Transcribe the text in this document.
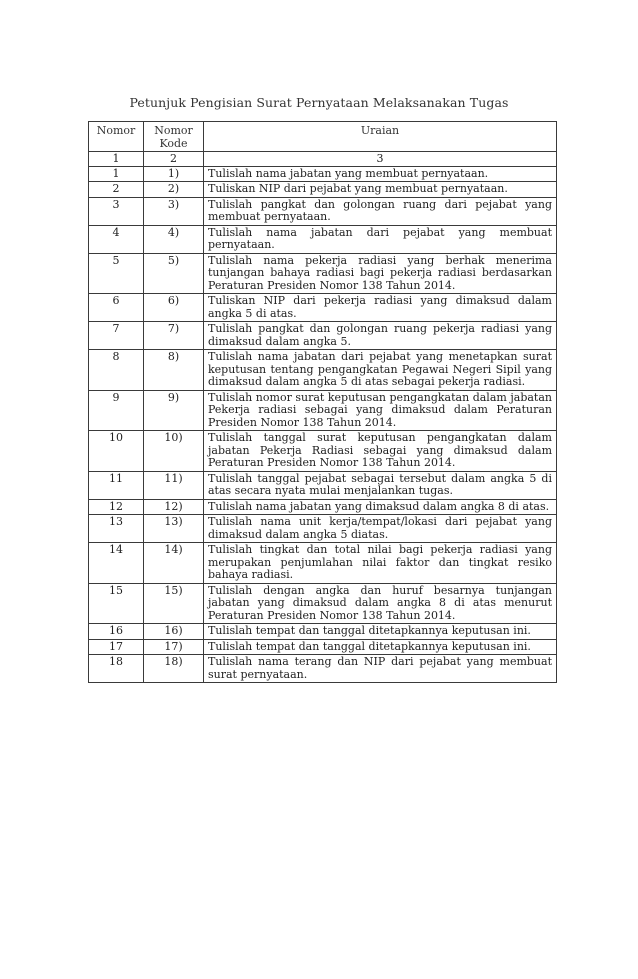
Petunjuk Pengisian Surat Pernyataan Melaksanakan Tugas
Nomor	Nomor Kode	Uraian
1	2	3
1	1)	Tulislah nama jabatan yang membuat pernyataan.
2	2)	Tuliskan NIP dari pejabat yang membuat pernyataan.
3	3)	Tulislah pangkat dan golongan ruang dari pejabat yang membuat pernyataan.
4	4)	Tulislah nama jabatan dari pejabat yang membuat pernyataan.
5	5)	Tulislah nama pekerja radiasi yang berhak menerima tunjangan bahaya radiasi bagi pekerja radiasi berdasarkan Peraturan Presiden Nomor 138 Tahun 2014.
6	6)	Tuliskan NIP dari pekerja radiasi yang dimaksud dalam angka 5 di atas.
7	7)	Tulislah pangkat dan golongan ruang pekerja radiasi yang dimaksud dalam angka 5.
8	8)	Tulislah nama jabatan dari pejabat yang menetapkan surat keputusan tentang pengangkatan Pegawai Negeri Sipil yang dimaksud dalam angka 5 di atas sebagai pekerja radiasi.
9	9)	Tulislah nomor surat keputusan pengangkatan dalam jabatan Pekerja radiasi sebagai yang dimaksud dalam Peraturan Presiden Nomor 138 Tahun 2014.
10	10)	Tulislah tanggal surat keputusan pengangkatan dalam jabatan Pekerja Radiasi sebagai yang dimaksud dalam Peraturan Presiden Nomor 138 Tahun 2014.
11	11)	Tulislah tanggal pejabat sebagai tersebut dalam angka 5 di atas secara nyata mulai menjalankan tugas.
12	12)	Tulislah nama jabatan yang dimaksud dalam angka 8 di atas.
13	13)	Tulislah nama unit kerja/tempat/lokasi dari pejabat yang dimaksud dalam angka 5 diatas.
14	14)	Tulislah tingkat dan total nilai bagi pekerja radiasi yang merupakan penjumlahan nilai faktor dan tingkat resiko bahaya radiasi.
15	15)	Tulislah dengan angka dan huruf besarnya tunjangan jabatan yang dimaksud dalam angka 8 di atas menurut Peraturan Presiden Nomor 138 Tahun 2014.
16	16)	Tulislah tempat dan tanggal ditetapkannya keputusan ini.
17	17)	Tulislah tempat dan tanggal ditetapkannya keputusan ini.
18	18)	Tulislah nama terang dan NIP dari pejabat yang membuat surat pernyataan.
